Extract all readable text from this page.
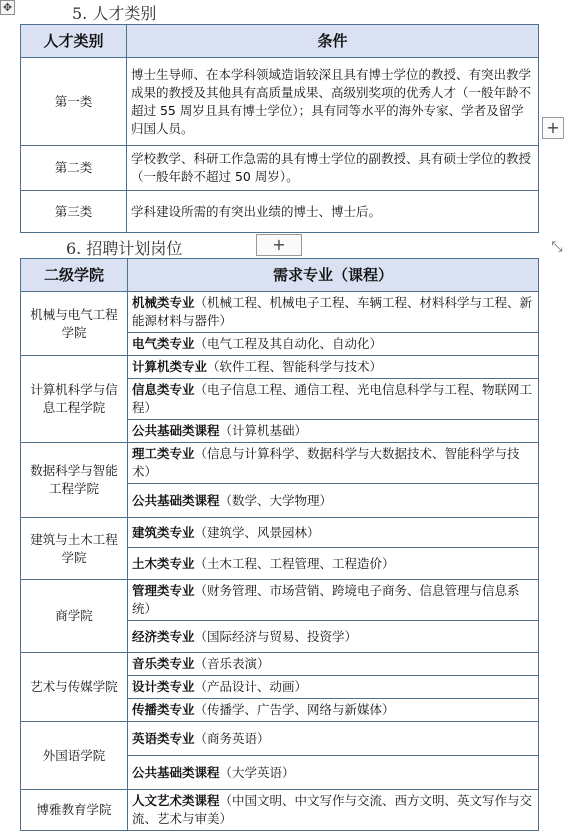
✥	5. 人才类别
人才类别	条件
第一类	博士生导师、在本学科领域造诣较深且具有博士学位的教授、有突出教学成果的教授及其他具有高质量成果、高级别奖项的优秀人才（一般年龄不超过 55 周岁且具有博士学位）；具有同等水平的海外专家、学者及留学归国人员。
第二类	学校教学、科研工作急需的具有博士学位的副教授、具有硕士学位的教授（一般年龄不超过 50 周岁）。
第三类	学科建设所需的有突出业绩的博士、博士后。
+
6. 招聘计划岗位	+	⤡
二级学院	需求专业（课程）
机械与电气工程学院	机械类专业（机械工程、机械电子工程、车辆工程、材料科学与工程、新能源材料与器件）
	电气类专业（电气工程及其自动化、自动化）
计算机科学与信息工程学院	计算机类专业（软件工程、智能科学与技术）
	信息类专业（电子信息工程、通信工程、光电信息科学与工程、物联网工程）
	公共基础类课程（计算机基础）
数据科学与智能工程学院	理工类专业（信息与计算科学、数据科学与大数据技术、智能科学与技术）
	公共基础类课程（数学、大学物理）
建筑与土木工程学院	建筑类专业（建筑学、风景园林）
	土木类专业（土木工程、工程管理、工程造价）
商学院	管理类专业（财务管理、市场营销、跨境电子商务、信息管理与信息系统）
	经济类专业（国际经济与贸易、投资学）
艺术与传媒学院	音乐类专业（音乐表演）
	设计类专业（产品设计、动画）
	传播类专业（传播学、广告学、网络与新媒体）
外国语学院	英语类专业（商务英语）
	公共基础类课程（大学英语）
博雅教育学院	人文艺术类课程（中国文明、中文写作与交流、西方文明、英文写作与交流、艺术与审美）
